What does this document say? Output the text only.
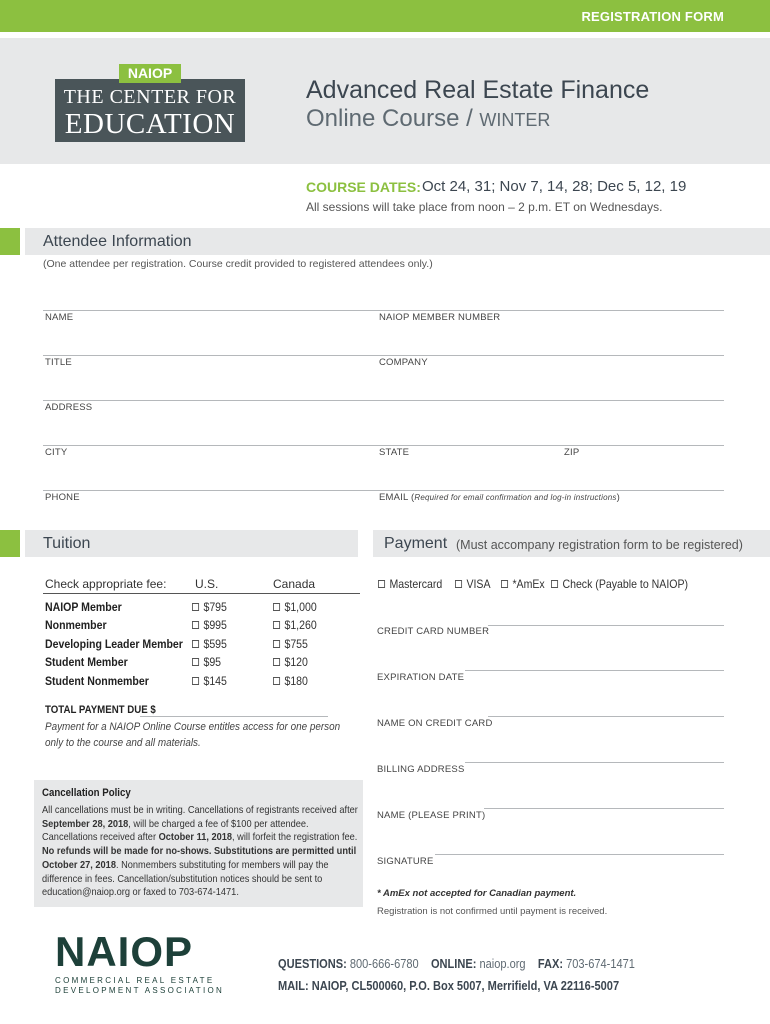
REGISTRATION FORM
NAIOP
THE CENTER FOR
EDUCATION
Advanced Real Estate Finance
Online Course / WINTER
COURSE DATES: Oct 24, 31; Nov 7, 14, 28; Dec 5, 12, 19
All sessions will take place from noon – 2 p.m. ET on Wednesdays.
Attendee Information
(One attendee per registration. Course credit provided to registered attendees only.)
NAME	NAIOP MEMBER NUMBER
TITLE	COMPANY
ADDRESS
CITY	STATE	ZIP
PHONE	EMAIL (Required for email confirmation and log-in instructions)
Tuition
Check appropriate fee: U.S.	Canada
NAIOP Member	$795	$1,000
Nonmember	$995	$1,260
Developing Leader Member	$595	$755
Student Member	$95	$120
Student Nonmember	$145	$180
TOTAL PAYMENT DUE $
Payment for a NAIOP Online Course entitles access for one person
only to the course and all materials.
Cancellation Policy
All cancellations must be in writing. Cancellations of registrants received after September 28, 2018, will be charged a fee of $100 per attendee. Cancellations received after October 11, 2018, will forfeit the registration fee. No refunds will be made for no-shows. Substitutions are permitted until October 27, 2018. Nonmembers substituting for members will pay the difference in fees. Cancellation/substitution notices should be sent to education@naiop.org or faxed to 703-674-1471.
Payment (Must accompany registration form to be registered)
Mastercard	VISA	*AmEx	Check (Payable to NAIOP)
CREDIT CARD NUMBER
EXPIRATION DATE
NAME ON CREDIT CARD
BILLING ADDRESS
NAME (PLEASE PRINT)
SIGNATURE
* AmEx not accepted for Canadian payment.
Registration is not confirmed until payment is received.
NAIOP
COMMERCIAL REAL ESTATE
DEVELOPMENT ASSOCIATION
QUESTIONS: 800-666-6780 ONLINE: naiop.org FAX: 703-674-1471
MAIL: NAIOP, CL500060, P.O. Box 5007, Merrifield, VA 22116-5007
